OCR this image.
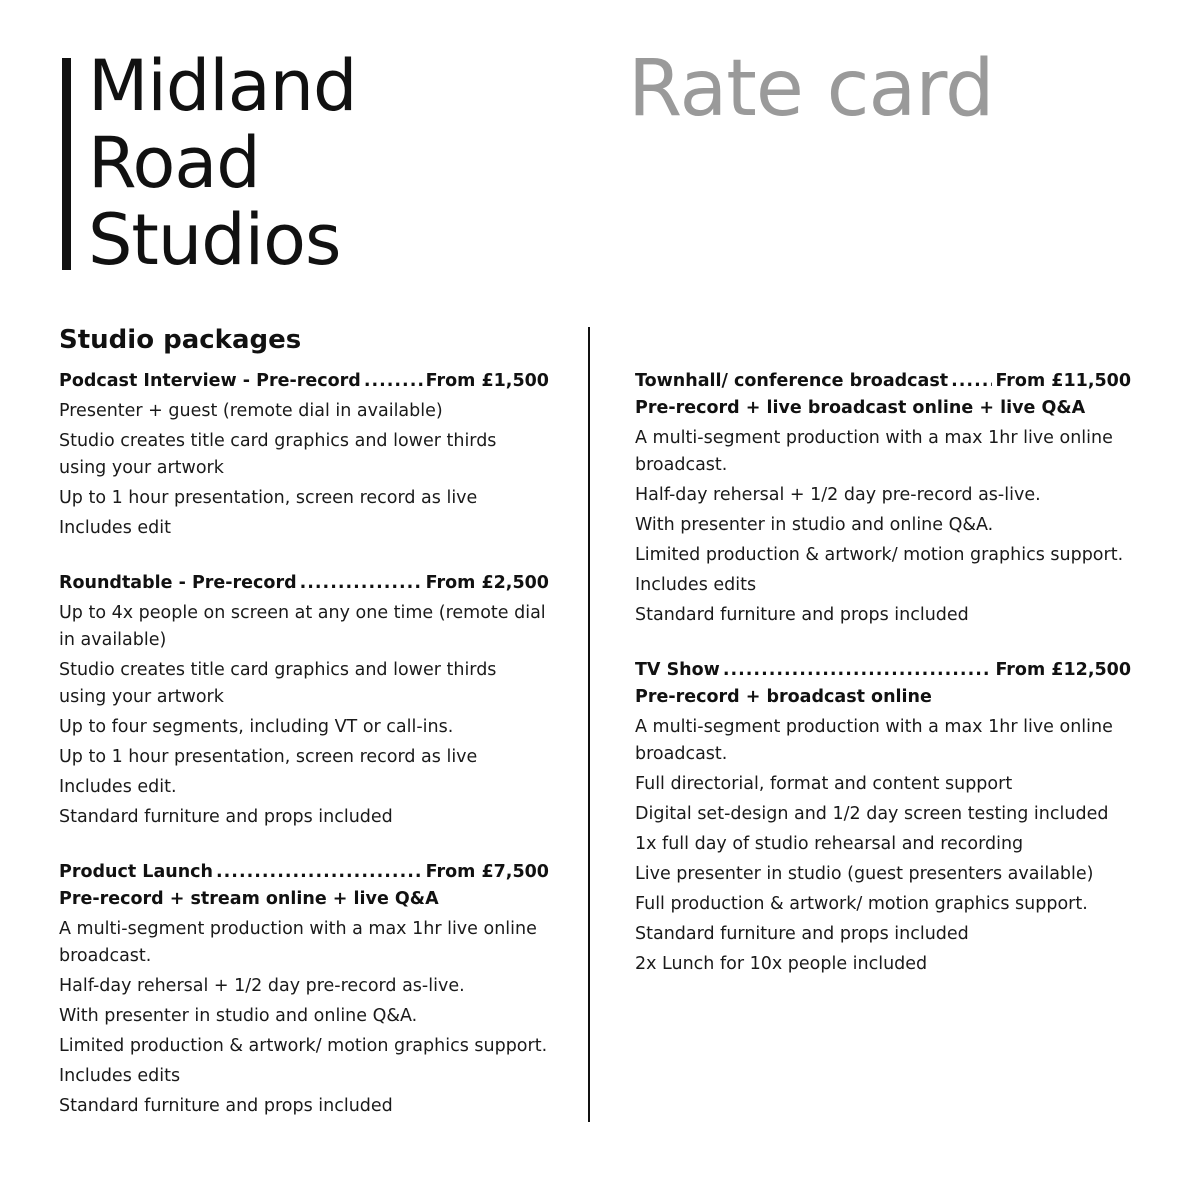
Midland
Road
Studios
Rate card
Studio packages
Podcast Interview - Pre-record .....	From £1,500
Presenter + guest (remote dial in available)
Studio creates title card graphics and lower thirds using your artwork
Up to 1 hour presentation, screen record as live
Includes edit
Roundtable - Pre-record .....	From £2,500
Up to 4x people on screen at any one time (remote dial in available)
Studio creates title card graphics and lower thirds using your artwork
Up to four segments, including VT or call-ins.
Up to 1 hour presentation, screen record as live
Includes edit.
Standard furniture and props included
Product Launch .....	From £7,500
Pre-record + stream online + live Q&A
A multi-segment production with a max 1hr live online broadcast.
Half-day rehersal + 1/2 day pre-record as-live.
With presenter in studio and online Q&A.
Limited production & artwork/ motion graphics support.
Includes edits
Standard furniture and props included
Townhall/ conference broadcast .....	From £11,500
Pre-record + live broadcast online + live Q&A
A multi-segment production with a max 1hr live online broadcast.
Half-day rehersal + 1/2 day pre-record as-live.
With presenter in studio and online Q&A.
Limited production & artwork/ motion graphics support.
Includes edits
Standard furniture and props included
TV Show .....	From £12,500
Pre-record + broadcast online
A multi-segment production with a max 1hr live online broadcast.
Full directorial, format and content support
Digital set-design and 1/2 day screen testing included
1x full day of studio rehearsal and recording
Live presenter in studio (guest presenters available)
Full production & artwork/ motion graphics support.
Standard furniture and props included
2x Lunch for 10x people included
